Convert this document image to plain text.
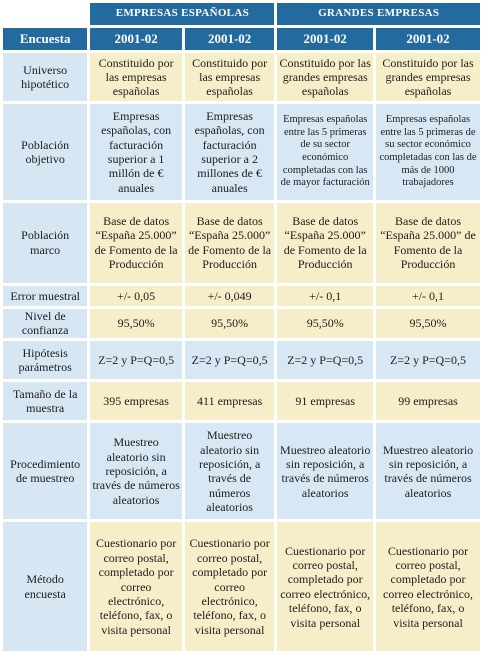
	EMPRESAS ESPAÑOLAS		GRANDES EMPRESAS	
Encuesta	2001-02	2001-02	2001-02	2001-02
Universo hipotético	Constituido por las empresas españolas	Constituido por las empresas españolas	Constituido por las grandes empresas españolas	Constituido por las grandes empresas españolas
Población objetivo	Empresas españolas, con facturación superior a 1 millón de € anuales	Empresas españolas, con facturación superior a 2 millones de € anuales	Empresas españolas entre las 5 primeras de su sector económico completadas con las de mayor facturación	Empresas españolas entre las 5 primeras de su sector económico completadas con las de más de 1000 trabajadores
Población marco	Base de datos “España 25.000” de Fomento de la Producción	Base de datos “España 25.000” de Fomento de la Producción	Base de datos “España 25.000” de Fomento de la Producción	Base de datos “España 25.000” de Fomento de la Producción
Error muestral	+/- 0,05	+/- 0,049	+/- 0,1	+/- 0,1
Nivel de confianza	95,50%	95,50%	95,50%	95,50%
Hipótesis parámetros	Z=2 y P=Q=0,5	Z=2 y P=Q=0,5	Z=2 y P=Q=0,5	Z=2 y P=Q=0,5
Tamaño de la muestra	395 empresas	411 empresas	91 empresas	99 empresas
Procedimiento de muestreo	Muestreo aleatorio sin reposición, a través de números aleatorios	Muestreo aleatorio sin reposición, a través de números aleatorios	Muestreo aleatorio sin reposición, a través de números aleatorios	Muestreo aleatorio sin reposición, a través de números aleatorios
Método encuesta	Cuestionario por correo postal, completado por correo electrónico, teléfono, fax, o visita personal	Cuestionario por correo postal, completado por correo electrónico, teléfono, fax, o visita personal	Cuestionario por correo postal, completado por correo electrónico, teléfono, fax, o visita personal	Cuestionario por correo postal, completado por correo electrónico, teléfono, fax, o visita personal
